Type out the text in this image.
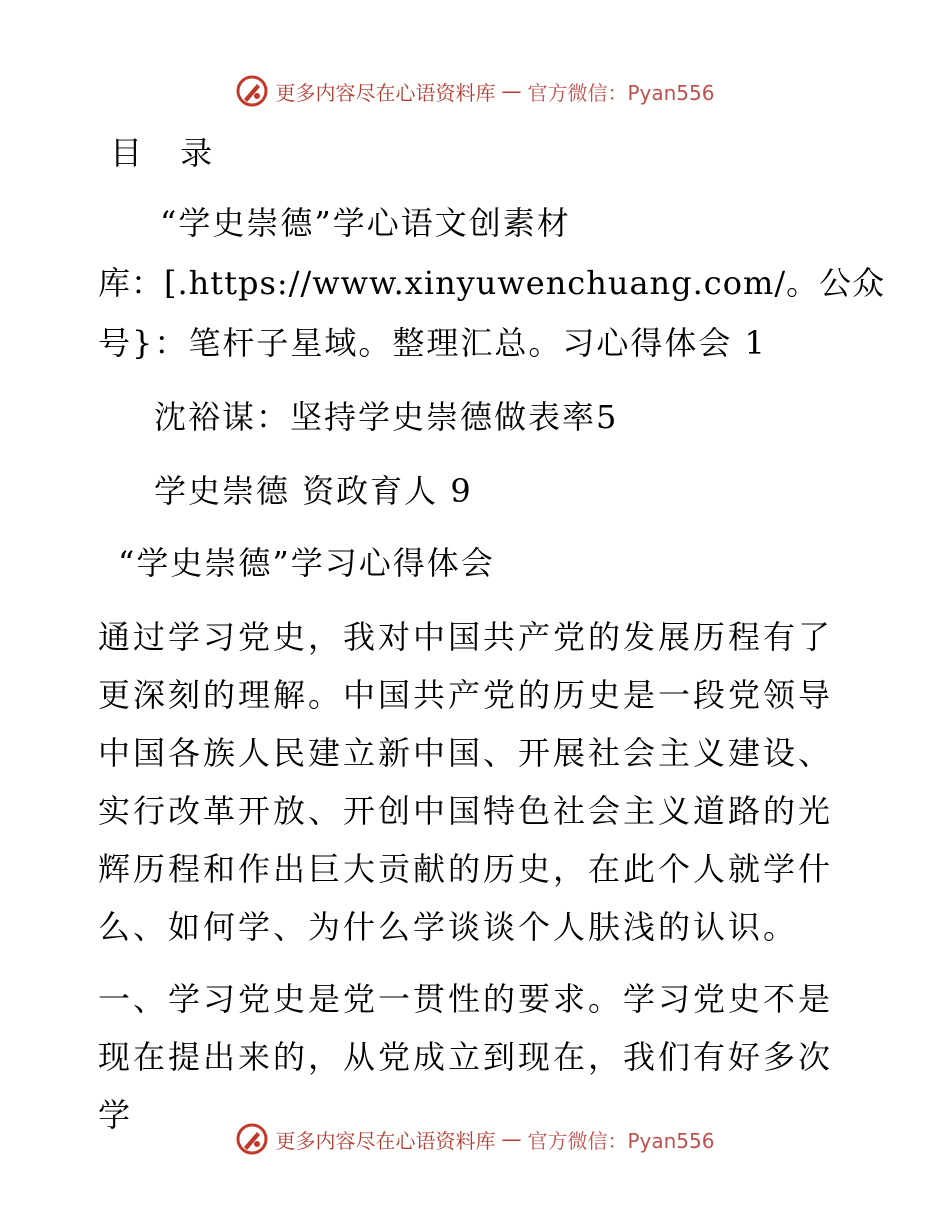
更多内容尽在心语资料库 — 官方微信：Pyan556
目 录
“学史崇德”学心语文创素材
库：[.https://www.xinyuwenchuang.com/。公众
号}：笔杆子星域。整理汇总。习心得体会 1
沈裕谋：坚持学史崇德做表率5
学史崇德 资政育人 9
“学史崇德”学习心得体会
通过学习党史，我对中国共产党的发展历程有了更深刻的理解。中国共产党的历史是一段党领导中国各族人民建立新中国、开展社会主义建设、实行改革开放、开创中国特色社会主义道路的光辉历程和作出巨大贡献的历史，在此个人就学什么、如何学、为什么学谈谈个人肤浅的认识。
一、学习党史是党一贯性的要求。学习党史不是现在提出来的，从党成立到现在，我们有好多次学
更多内容尽在心语资料库 — 官方微信：Pyan556
